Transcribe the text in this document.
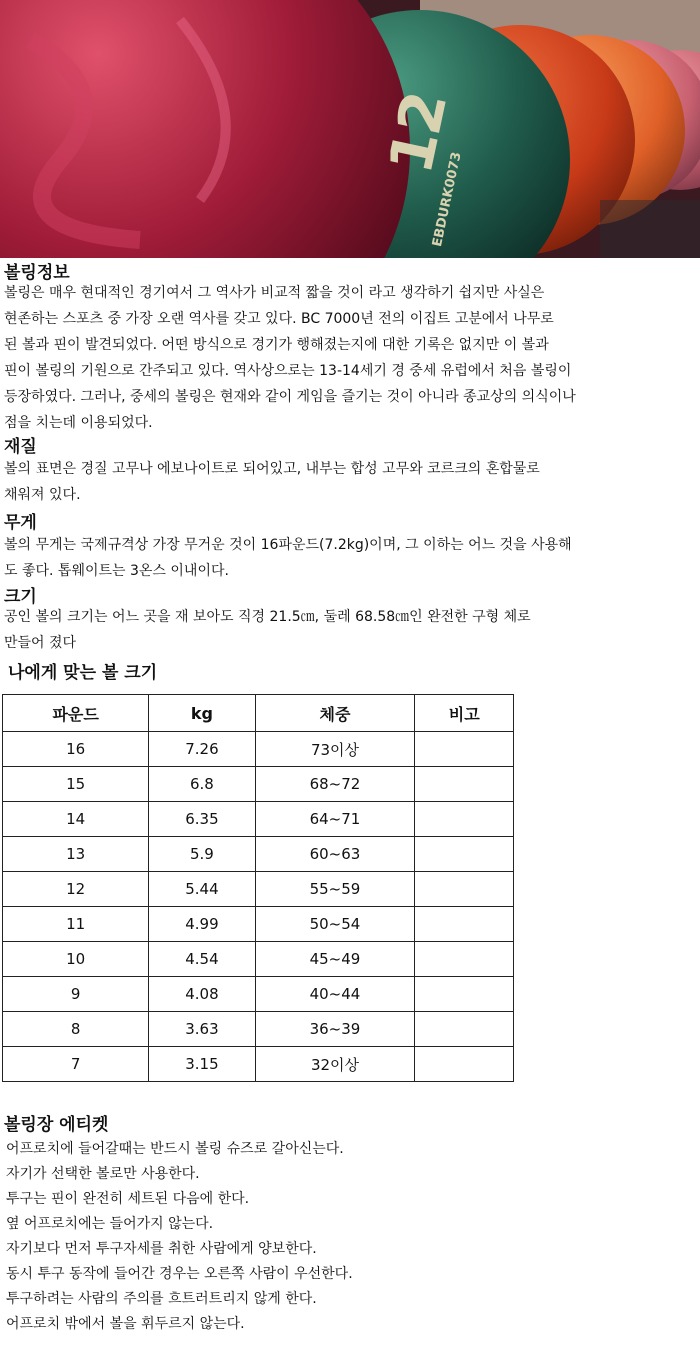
12
EBDURK0073
볼링정보
볼링은 매우 현대적인 경기여서 그 역사가 비교적 짧을 것이 라고 생각하기 쉽지만 사실은
현존하는 스포츠 중 가장 오랜 역사를 갖고 있다. BC 7000년 전의 이집트 고분에서 나무로
된 볼과 핀이 발견되었다. 어떤 방식으로 경기가 행해졌는지에 대한 기록은 없지만 이 볼과
핀이 볼링의 기원으로 간주되고 있다. 역사상으로는 13-14세기 경 중세 유럽에서 처음 볼링이
등장하였다. 그러나, 중세의 볼링은 현재와 같이 게임을 즐기는 것이 아니라 종교상의 의식이나
점을 치는데 이용되었다.
재질
볼의 표면은 경질 고무나 에보나이트로 되어있고, 내부는 합성 고무와 코르크의 혼합물로
채워져 있다.
무게
볼의 무게는 국제규격상 가장 무거운 것이 16파운드(7.2kg)이며, 그 이하는 어느 것을 사용해
도 좋다. 톱웨이트는 3온스 이내이다.
크기
공인 볼의 크기는 어느 곳을 재 보아도 직경 21.5㎝, 둘레 68.58㎝인 완전한 구형 체로
만들어 졌다
나에게 맞는 볼 크기
파운드	kg	체중	비고
16	7.26	73이상	
15	6.8	68~72	
14	6.35	64~71	
13	5.9	60~63	
12	5.44	55~59	
11	4.99	50~54	
10	4.54	45~49	
9	4.08	40~44	
8	3.63	36~39	
7	3.15	32이상	
볼링장 에티켓
어프로치에 들어갈때는 반드시 볼링 슈즈로 갈아신는다.
자기가 선택한 볼로만 사용한다.
투구는 핀이 완전히 세트된 다음에 한다.
옆 어프로치에는 들어가지 않는다.
자기보다 먼저 투구자세를 취한 사람에게 양보한다.
동시 투구 동작에 들어간 경우는 오른쪽 사람이 우선한다.
투구하려는 사람의 주의를 흐트러트리지 않게 한다.
어프로치 밖에서 볼을 휘두르지 않는다.
